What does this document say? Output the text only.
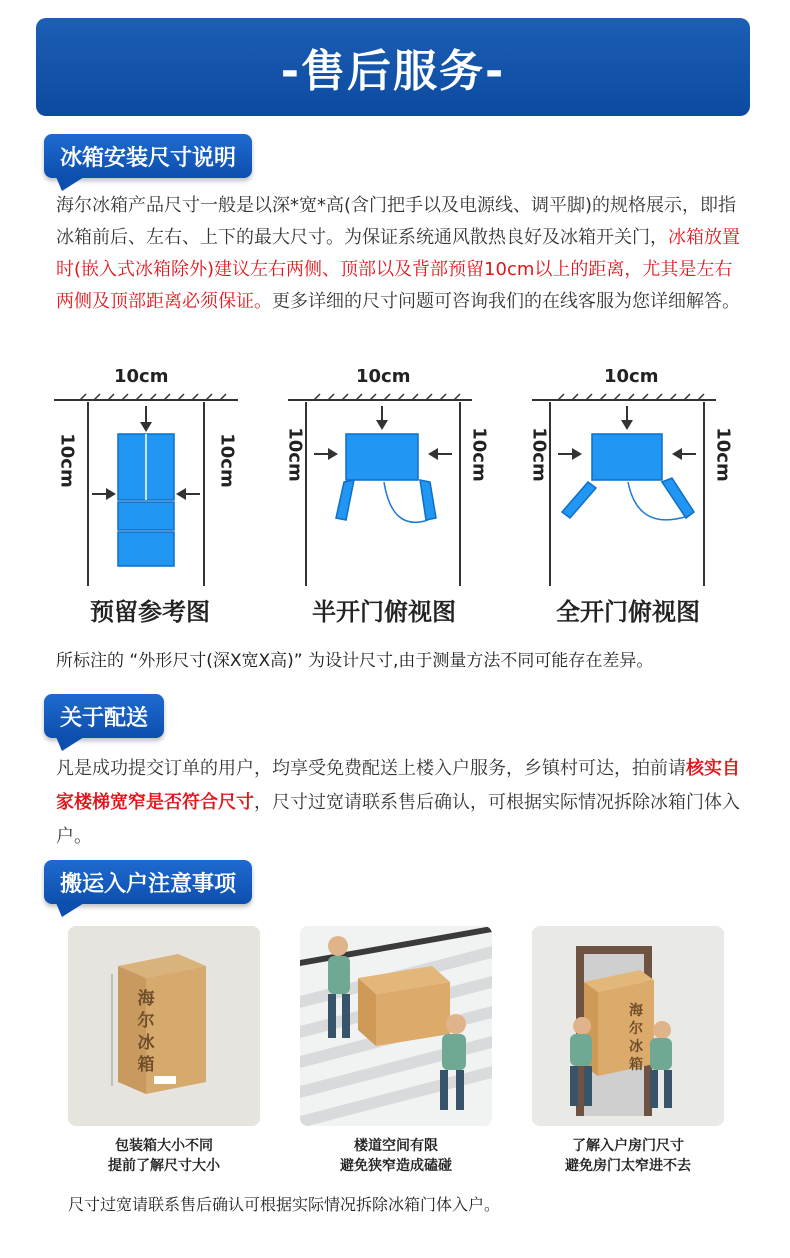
-售后服务-
冰箱安装尺寸说明

海尔冰箱产品尺寸一般是以深*宽*高(含门把手以及电源线、调平脚)的规格展示，即指冰箱前后、左右、上下的最大尺寸。为保证系统通风散热良好及冰箱开关门，冰箱放置时(嵌入式冰箱除外)建议左右两侧、顶部以及背部预留10cm以上的距离，尤其是左右两侧及顶部距离必须保证。更多详细的尺寸问题可咨询我们的在线客服为您详细解答。

10cm
10cm	10cm
预留参考图
10cm
10cm	10cm
半开门俯视图
10cm
10cm	10cm
全开门俯视图
所标注的 “外形尺寸(深X宽X高)” 为设计尺寸,由于测量方法不同可能存在差异。
关于配送

凡是成功提交订单的用户，均享受免费配送上楼入户服务，乡镇村可达，拍前请核实自家楼梯宽窄是否符合尺寸，尺寸过宽请联系售后确认，可根据实际情况拆除冰箱门体入户。

搬运入户注意事项
海尔冰箱
包装箱大小不同
提前了解尺寸大小
楼道空间有限
避免狭窄造成磕碰
海尔冰箱
了解入户房门尺寸
避免房门太窄进不去
尺寸过宽请联系售后确认可根据实际情况拆除冰箱门体入户。
